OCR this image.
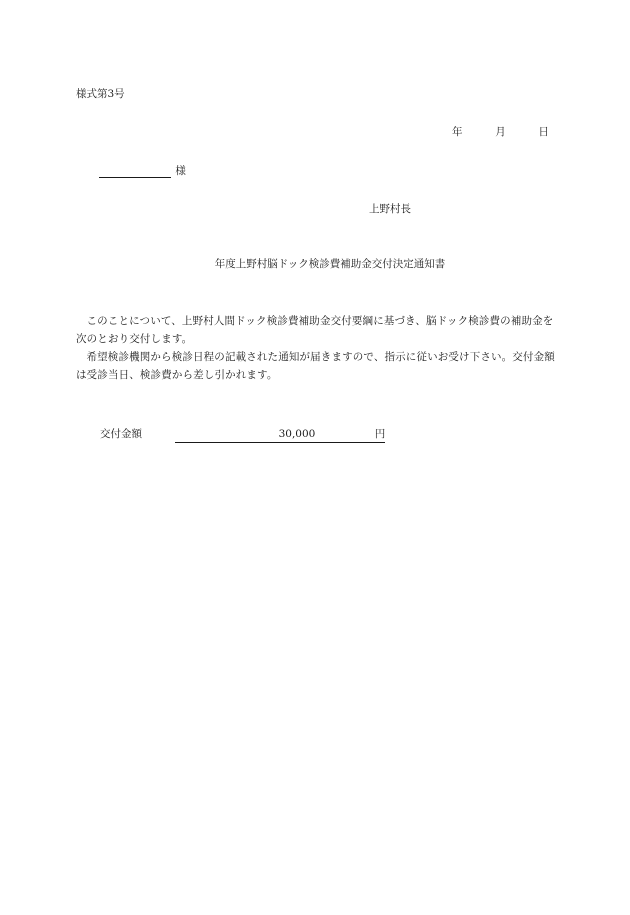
様式第3号
年	月	日
様
上野村長
年度上野村脳ドック検診費補助金交付決定通知書

このことについて、上野村人間ドック検診費補助金交付要綱に基づき、脳ドック検診費の補助金を次のとおり交付します。

希望検診機関から検診日程の記載された通知が届きますので、指示に従いお受け下さい。交付金額は受診当日、検診費から差し引かれます。

交付金額	30,000	円
